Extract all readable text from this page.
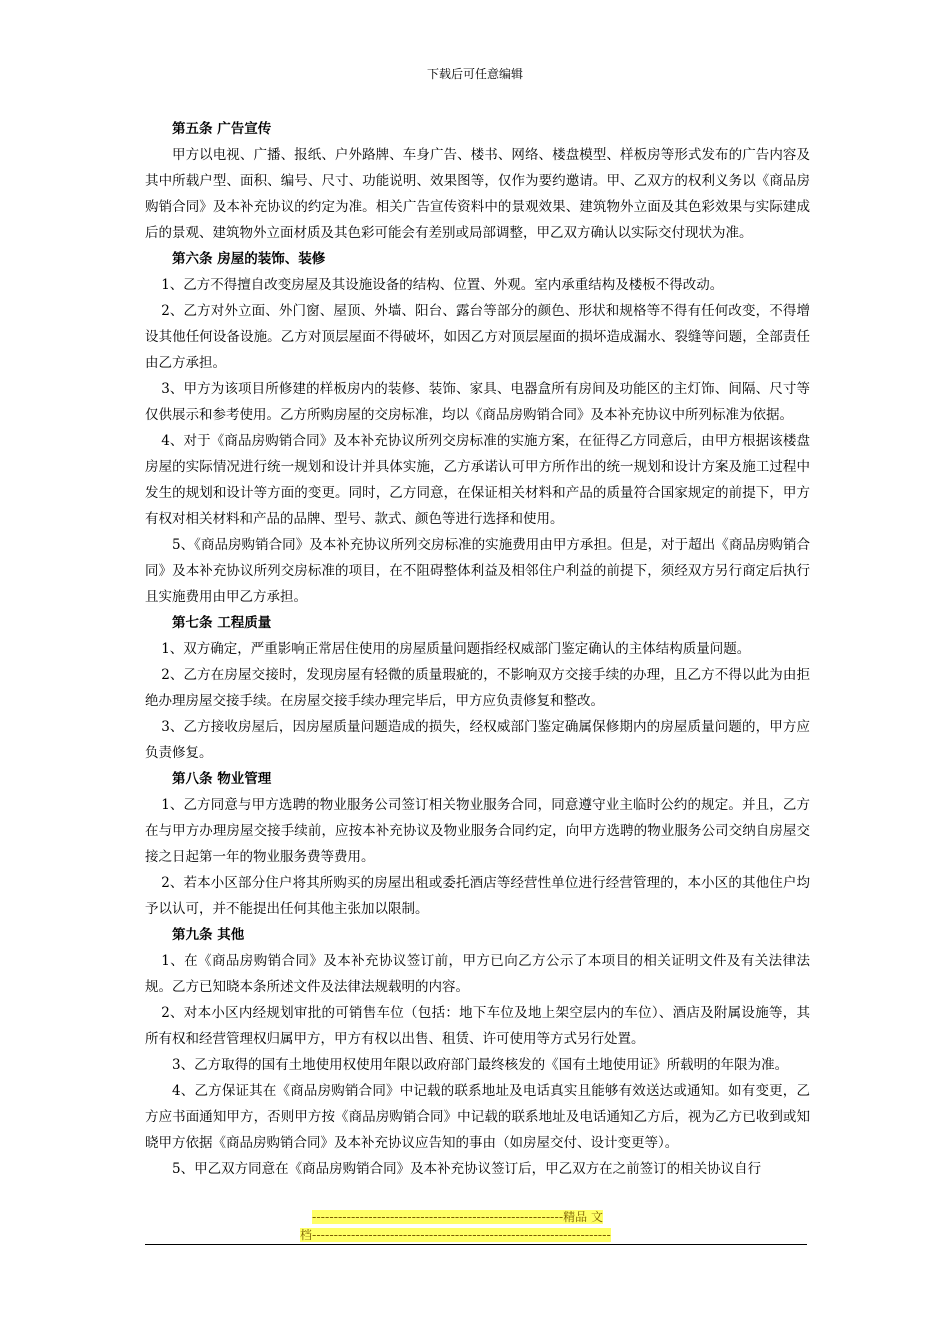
下载后可任意编辑

第五条 广告宣传

甲方以电视、广播、报纸、户外路牌、车身广告、楼书、网络、楼盘模型、样板房等形式发布的广告内容及其中所载户型、面积、编号、尺寸、功能说明、效果图等，仅作为要约邀请。甲、乙双方的权利义务以《商品房购销合同》及本补充协议的约定为准。相关广告宣传资料中的景观效果、建筑物外立面及其色彩效果与实际建成后的景观、建筑物外立面材质及其色彩可能会有差别或局部调整，甲乙双方确认以实际交付现状为准。

第六条 房屋的装饰、装修

1、乙方不得擅自改变房屋及其设施设备的结构、位置、外观。室内承重结构及楼板不得改动。

2、乙方对外立面、外门窗、屋顶、外墙、阳台、露台等部分的颜色、形状和规格等不得有任何改变，不得增设其他任何设备设施。乙方对顶层屋面不得破坏，如因乙方对顶层屋面的损坏造成漏水、裂缝等问题，全部责任由乙方承担。

3、甲方为该项目所修建的样板房内的装修、装饰、家具、电器盒所有房间及功能区的主灯饰、间隔、尺寸等仅供展示和参考使用。乙方所购房屋的交房标准，均以《商品房购销合同》及本补充协议中所列标准为依据。

4、对于《商品房购销合同》及本补充协议所列交房标准的实施方案，在征得乙方同意后，由甲方根据该楼盘房屋的实际情况进行统一规划和设计并具体实施，乙方承诺认可甲方所作出的统一规划和设计方案及施工过程中发生的规划和设计等方面的变更。同时，乙方同意，在保证相关材料和产品的质量符合国家规定的前提下，甲方有权对相关材料和产品的品牌、型号、款式、颜色等进行选择和使用。

5、《商品房购销合同》及本补充协议所列交房标准的实施费用由甲方承担。但是，对于超出《商品房购销合同》及本补充协议所列交房标准的项目，在不阻碍整体利益及相邻住户利益的前提下，须经双方另行商定后执行且实施费用由甲乙方承担。

第七条 工程质量

1、双方确定，严重影响正常居住使用的房屋质量问题指经权威部门鉴定确认的主体结构质量问题。

2、乙方在房屋交接时，发现房屋有轻微的质量瑕疵的，不影响双方交接手续的办理，且乙方不得以此为由拒绝办理房屋交接手续。在房屋交接手续办理完毕后，甲方应负责修复和整改。

3、乙方接收房屋后，因房屋质量问题造成的损失，经权威部门鉴定确属保修期内的房屋质量问题的，甲方应负责修复。

第八条 物业管理

1、乙方同意与甲方选聘的物业服务公司签订相关物业服务合同，同意遵守业主临时公约的规定。并且，乙方在与甲方办理房屋交接手续前，应按本补充协议及物业服务合同约定，向甲方选聘的物业服务公司交纳自房屋交接之日起第一年的物业服务费等费用。

2、若本小区部分住户将其所购买的房屋出租或委托酒店等经营性单位进行经营管理的，本小区的其他住户均予以认可，并不能提出任何其他主张加以限制。

第九条 其他

1、在《商品房购销合同》及本补充协议签订前，甲方已向乙方公示了本项目的相关证明文件及有关法律法规。乙方已知晓本条所述文件及法律法规载明的内容。

2、对本小区内经规划审批的可销售车位（包括：地下车位及地上架空层内的车位）、酒店及附属设施等，其所有权和经营管理权归属甲方，甲方有权以出售、租赁、许可使用等方式另行处置。

3、乙方取得的国有土地使用权使用年限以政府部门最终核发的《国有土地使用证》所载明的年限为准。

4、乙方保证其在《商品房购销合同》中记载的联系地址及电话真实且能够有效送达或通知。如有变更，乙方应书面通知甲方，否则甲方按《商品房购销合同》中记载的联系地址及电话通知乙方后，视为乙方已收到或知晓甲方依据《商品房购销合同》及本补充协议应告知的事由（如房屋交付、设计变更等）。

5、甲乙双方同意在《商品房购销合同》及本补充协议签订后，甲乙双方在之前签订的相关协议自行

----------------------------------------------------------精品 文
档---------------------------------------------------------------------
